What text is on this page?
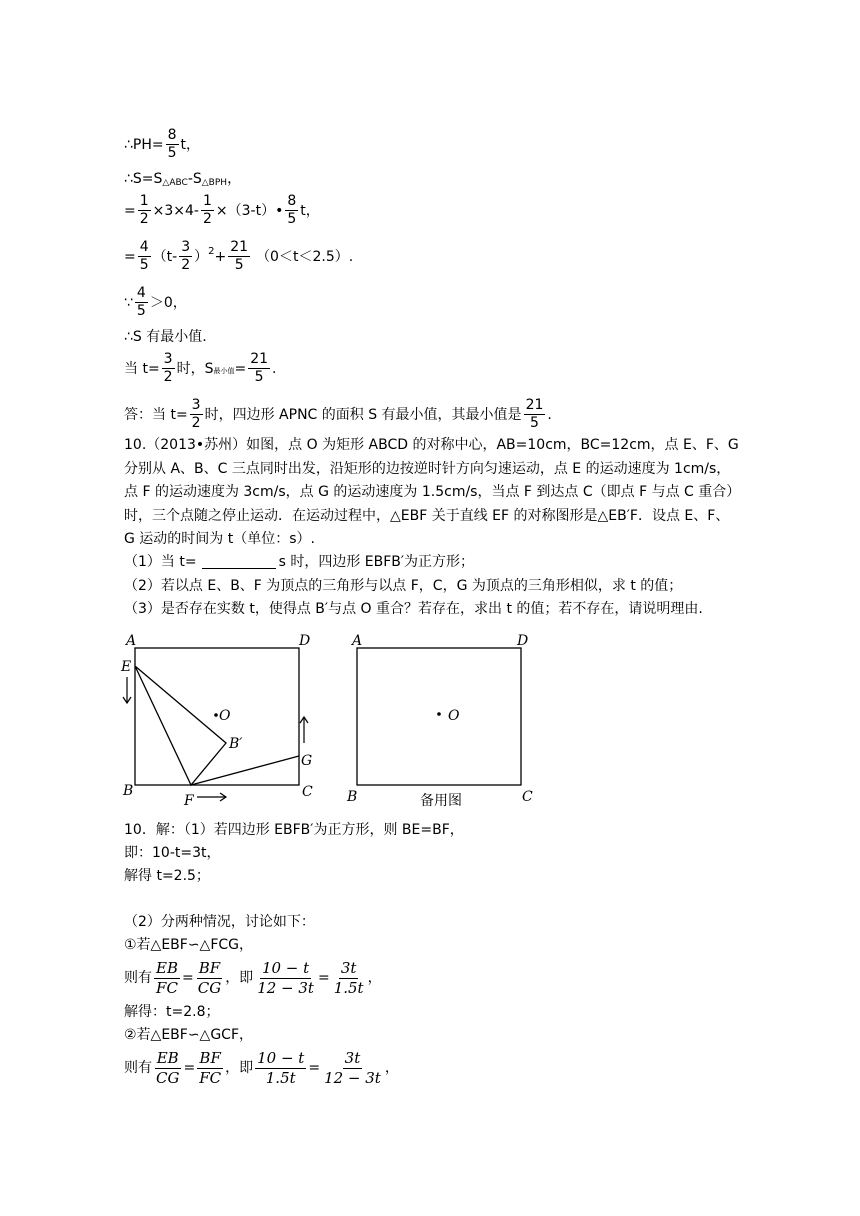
∴PH= $\frac{8}{5}$ t，
∴S=S △ABC -S △BPH ，
= $\frac{1}{2} \times 3\times 4- \frac{1}{2}$ ×（3-t）• $\frac{8}{5}$ t，
= $\frac{4}{5} (t- \frac{3}{2}$ ） $2 + \frac{21}{5} (0<t<2.5)$.
∵ $\frac{4}{5} >0$，
∴S 有最小值.
当 $t= \frac{3}{2}$ 时，S 最小值 = $\frac{21}{5}$ .
答：当 $t= \frac{3}{2}$ 时，四边形 APNC 的面积 S 有最小值，其最小值是 $\frac{21}{5}$ .
10.（2013•苏州）如图，点 O 为矩形 ABCD 的对称中心，AB=10cm，BC=12cm，点 E、F、G 分别从 A、B、C 三点同时出发，沿矩形的边按逆时针方向匀速运动，点 E 的运动速度为 1cm/s，点 F 的运动速度为 3cm/s，点 G 的运动速度为 1.5cm/s，当点 F 到达点 C（即点 F 与点 C 重合）时，三个点随之停止运动．在运动过程中，△EBF 关于直线 EF 的对称图形是△EB′F．设点 E、F、G 运动的时间为 t（单位：s）.
（1）当 t=	s 时，四边形 EBFB′为正方形；
（2）若以点 E、B、F 为顶点的三角形与以点 F，C，G 为顶点的三角形相似，求 t 的值；
（3）是否存在实数 t，使得点 B′与点 O 重合？若存在，求出 t 的值；若不存在，请说明理由.
A	D
E
O
B′
G
B
F
C
A	D
O
B	C
备用图
10．解：（1）若四边形 EBFB′为正方形，则 BE=BF，
即：10-t=3t，
解得 t=2.5；
（2）分两种情况，讨论如下：
①若△EBF∽△FCG，
则有 $\frac{EB}{FC} = \frac{BF}{CG}$ ，即 $\frac{10 - t}{12 - 3t} = \frac{3t}{1.5t}$ ，
解得：t=2.8；
②若△EBF∽△GCF，
则有 $\frac{EB}{CG} = \frac{BF}{FC}$ ，即 $\frac{10 - t}{1.5t} = \frac{3t}{12 - 3t}$ ，
